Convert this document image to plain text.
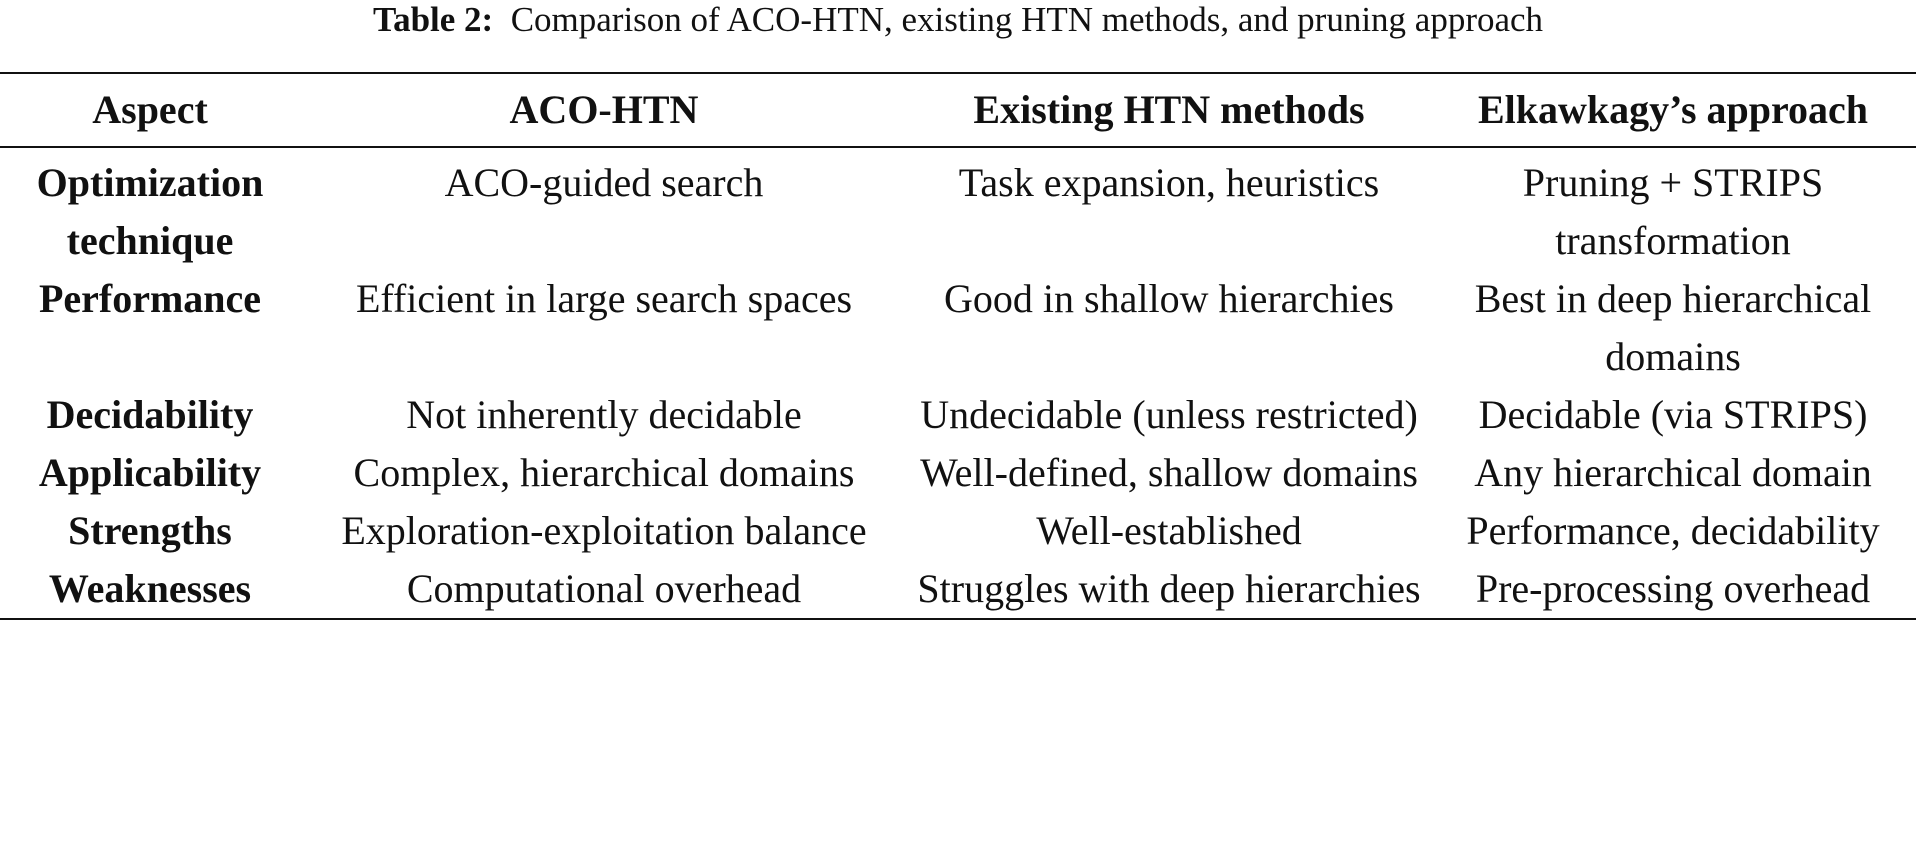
Table 2: Comparison of ACO-HTN, existing HTN methods, and pruning approach
Aspect	ACO-HTN	Existing HTN methods	Elkawkagy’s approach
Optimization technique	ACO-guided search	Task expansion, heuristics	Pruning + STRIPS transformation
Performance	Efficient in large search spaces	Good in shallow hierarchies	Best in deep hierarchical domains
Decidability	Not inherently decidable	Undecidable (unless restricted)	Decidable (via STRIPS)
Applicability	Complex, hierarchical domains	Well-defined, shallow domains	Any hierarchical domain
Strengths	Exploration-exploitation balance	Well-established	Performance, decidability
Weaknesses	Computational overhead	Struggles with deep hierarchies	Pre-processing overhead
